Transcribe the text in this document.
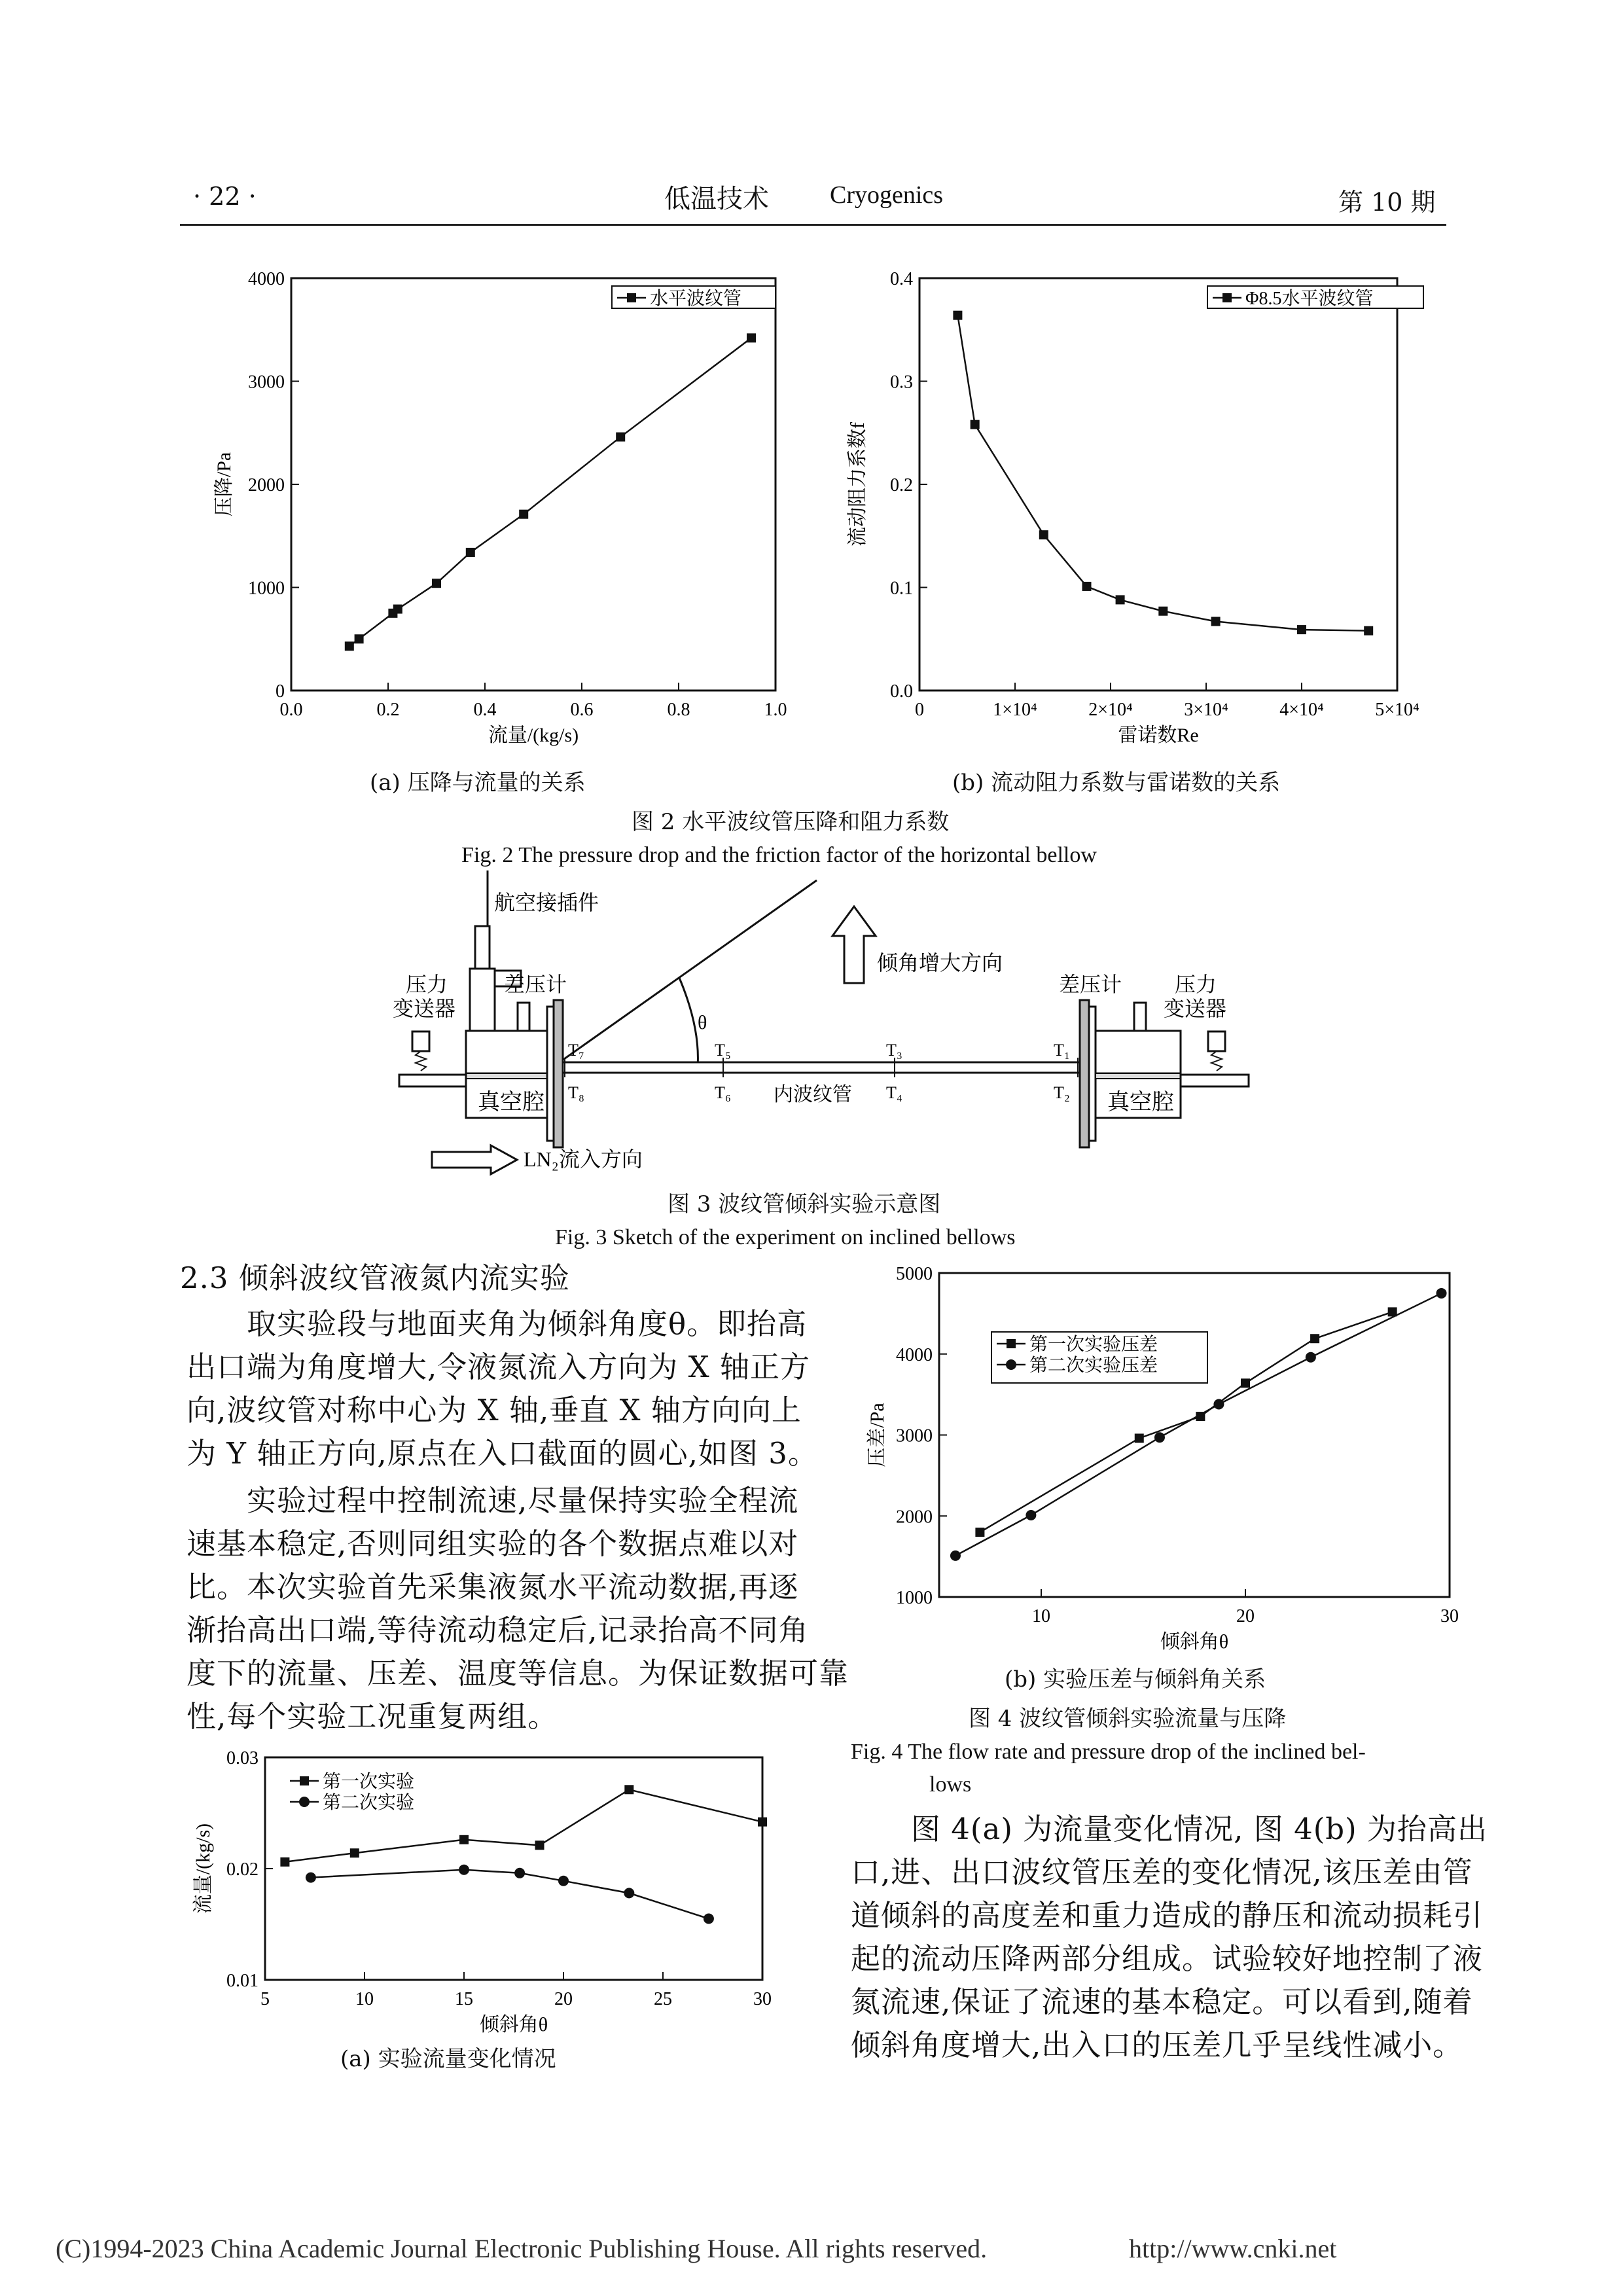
· 22 ·	低温技术 Cryogenics	第 10 期
0.0	0.2	0.4	0.6	0.8	1.0
0
1000
2000
3000
4000
流量/(kg/s)
压降/Pa
水平波纹管
0	1×10⁴	2×10⁴	3×10⁴	4×10⁴	5×10⁴
0.0
0.1
0.2
0.3
0.4
雷诺数Re
流动阻力系数f
Φ8.5水平波纹管
(a) 压降与流量的关系	(b) 流动阻力系数与雷诺数的关系
图 2 水平波纹管压降和阻力系数
Fig. 2 The pressure drop and the friction factor of the horizontal bellow
航空接插件
差压计	差压计
压力
变送器
压力
变送器
真空腔	真空腔
内波纹管
倾角增大方向
LN₂流入方向
θ
T₇
T₈
T₅
T₆
T₃
T₄
T₁
T₂
图 3 波纹管倾斜实验示意图
Fig. 3 Sketch of the experiment on inclined bellows
2.3 倾斜波纹管液氮内流实验
取实验段与地面夹角为倾斜角度θ。即抬高
出口端为角度增大,令液氮流入方向为 X 轴正方
向,波纹管对称中心为 X 轴,垂直 X 轴方向向上
为 Y 轴正方向,原点在入口截面的圆心,如图 3。
实验过程中控制流速,尽量保持实验全程流
速基本稳定,否则同组实验的各个数据点难以对
比。本次实验首先采集液氮水平流动数据,再逐
渐抬高出口端,等待流动稳定后,记录抬高不同角
度下的流量、压差、温度等信息。为保证数据可靠
性,每个实验工况重复两组。
5	10	15	20	25	30
0.01
0.02
0.03
倾斜角θ
流量/(kg/s)
第一次实验
第二次实验
(a) 实验流量变化情况
10	20	30
1000
2000
3000
4000
5000
倾斜角θ
压差/Pa
第一次实验压差
第二次实验压差
(b) 实验压差与倾斜角关系
图 4 波纹管倾斜实验流量与压降
Fig. 4 The flow rate and pressure drop of the inclined bel-
lows
图 4(a) 为流量变化情况, 图 4(b) 为抬高出
口,进、出口波纹管压差的变化情况,该压差由管
道倾斜的高度差和重力造成的静压和流动损耗引
起的流动压降两部分组成。试验较好地控制了液
氮流速,保证了流速的基本稳定。可以看到,随着
倾斜角度增大,出入口的压差几乎呈线性减小。
(C)1994-2023 China Academic Journal Electronic Publishing House. All rights reserved.	http://www.cnki.net
